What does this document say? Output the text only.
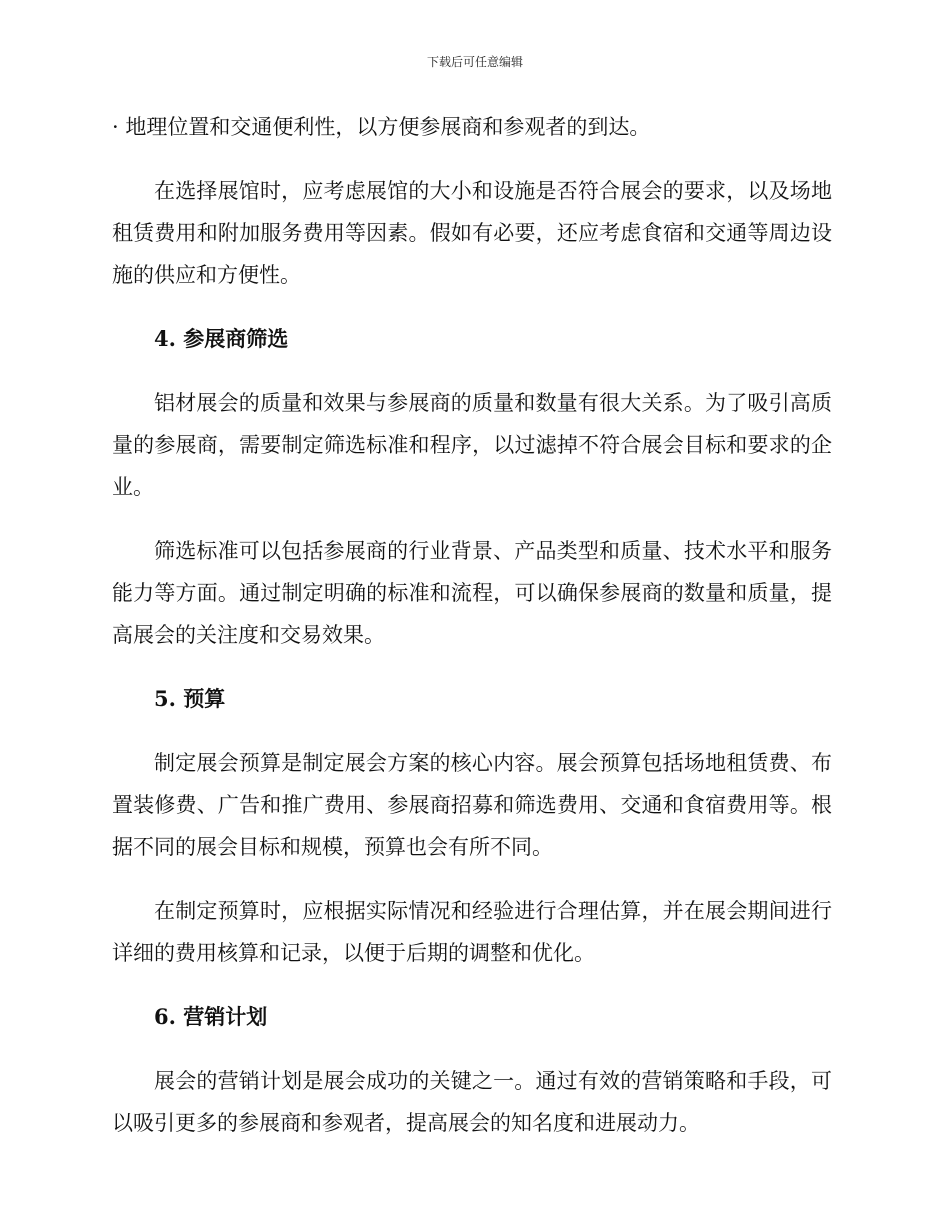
下载后可任意编辑

· 地理位置和交通便利性，以方便参展商和参观者的到达。

在选择展馆时，应考虑展馆的大小和设施是否符合展会的要求，以及场地租赁费用和附加服务费用等因素。假如有必要，还应考虑食宿和交通等周边设施的供应和方便性。

4. 参展商筛选

铝材展会的质量和效果与参展商的质量和数量有很大关系。为了吸引高质量的参展商，需要制定筛选标准和程序，以过滤掉不符合展会目标和要求的企业。

筛选标准可以包括参展商的行业背景、产品类型和质量、技术水平和服务能力等方面。通过制定明确的标准和流程，可以确保参展商的数量和质量，提高展会的关注度和交易效果。

5. 预算

制定展会预算是制定展会方案的核心内容。展会预算包括场地租赁费、布置装修费、广告和推广费用、参展商招募和筛选费用、交通和食宿费用等。根据不同的展会目标和规模，预算也会有所不同。

在制定预算时，应根据实际情况和经验进行合理估算，并在展会期间进行详细的费用核算和记录，以便于后期的调整和优化。

6. 营销计划

展会的营销计划是展会成功的关键之一。通过有效的营销策略和手段，可以吸引更多的参展商和参观者，提高展会的知名度和进展动力。
